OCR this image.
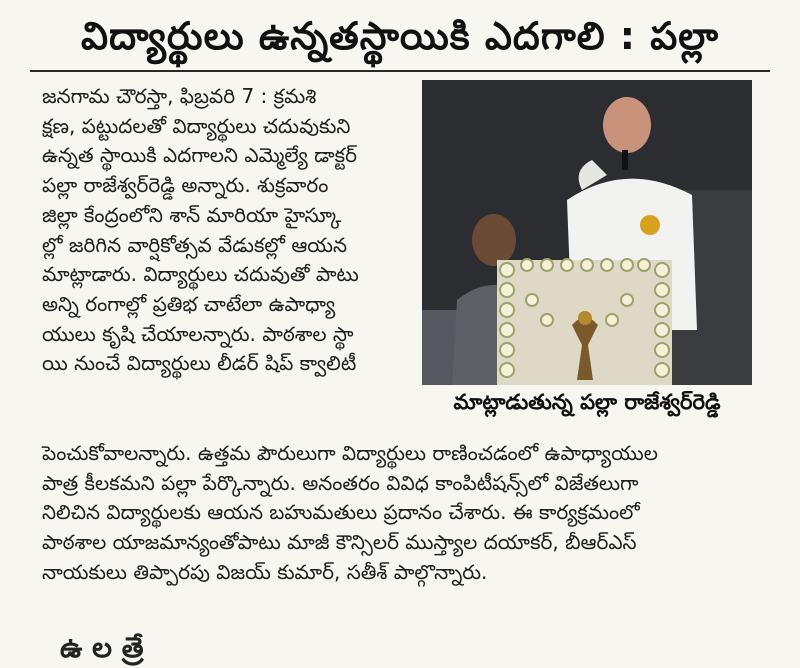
విద్యార్థులు ఉన్నతస్థాయికి ఎదగాలి : పల్లా
జనగామ చౌరస్తా, ఫిబ్రవరి 7 : క్రమశి
క్షణ, పట్టుదలతో విద్యార్థులు చదువుకుని
ఉన్నత స్థాయికి ఎదగాలని ఎమ్మెల్యే డాక్టర్
పల్లా రాజేశ్వర్‌రెడ్డి అన్నారు. శుక్రవారం
జిల్లా కేంద్రంలోని శాన్ మారియా హైస్కూ
ల్లో జరిగిన వార్షికోత్సవ వేడుకల్లో ఆయన
మాట్లాడారు. విద్యార్థులు చదువుతో పాటు
అన్ని రంగాల్లో ప్రతిభ చాటేలా ఉపాధ్యా
యులు కృషి చేయాలన్నారు. పాఠశాల స్థా
యి నుంచే విద్యార్థులు లీడర్ షిప్ క్వాలిటీ
మాట్లాడుతున్న పల్లా రాజేశ్వర్‌రెడ్డి
పెంచుకోవాలన్నారు. ఉత్తమ పౌరులుగా విద్యార్థులు రాణించడంలో ఉపాధ్యాయుల
పాత్ర కీలకమని పల్లా పేర్కొన్నారు. అనంతరం వివిధ కాంపిటీషన్స్‌లో విజేతలుగా
నిలిచిన విద్యార్థులకు ఆయన బహుమతులు ప్రదానం చేశారు. ఈ కార్యక్రమంలో
పాఠశాల యాజమాన్యంతోపాటు మాజీ కౌన్సిలర్ ముస్త్యాల దయాకర్, బీఆర్ఎస్
నాయకులు తిప్పారపు విజయ్ కుమార్, సతీశ్ పాల్గొన్నారు.
ఉ ల త్రే
